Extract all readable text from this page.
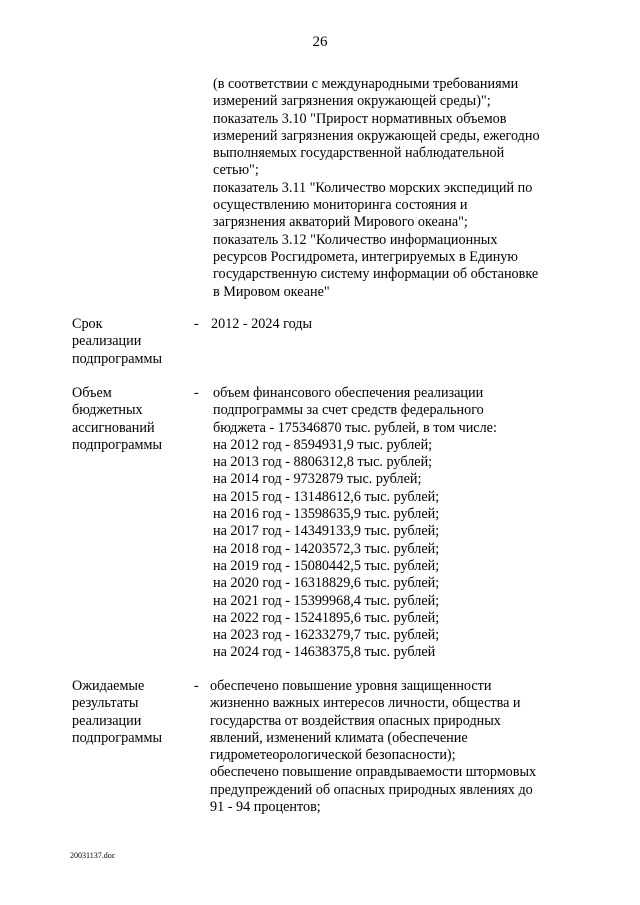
26
(в соответствии с международными требованиями
измерений загрязнения окружающей среды)";
показатель 3.10 "Прирост нормативных объемов
измерений загрязнения окружающей среды, ежегодно
выполняемых государственной наблюдательной
сетью";
показатель 3.11 "Количество морских экспедиций по
осуществлению мониторинга состояния и
загрязнения акваторий Мирового океана";
показатель 3.12 "Количество информационных
ресурсов Росгидромета, интегрируемых в Единую
государственную систему информации об обстановке
в Мировом океане"
Срок
реализации
подпрограммы
- 2012 - 2024 годы
Объем
бюджетных
ассигнований
подпрограммы
- объем финансового обеспечения реализации
подпрограммы за счет средств федерального
бюджета - 175346870 тыс. рублей, в том числе:
на 2012 год - 8594931,9 тыс. рублей;
на 2013 год - 8806312,8 тыс. рублей;
на 2014 год - 9732879 тыс. рублей;
на 2015 год - 13148612,6 тыс. рублей;
на 2016 год - 13598635,9 тыс. рублей;
на 2017 год - 14349133,9 тыс. рублей;
на 2018 год - 14203572,3 тыс. рублей;
на 2019 год - 15080442,5 тыс. рублей;
на 2020 год - 16318829,6 тыс. рублей;
на 2021 год - 15399968,4 тыс. рублей;
на 2022 год - 15241895,6 тыс. рублей;
на 2023 год - 16233279,7 тыс. рублей;
на 2024 год - 14638375,8 тыс. рублей
Ожидаемые
результаты
реализации
подпрограммы
- обеспечено повышение уровня защищенности
жизненно важных интересов личности, общества и
государства от воздействия опасных природных
явлений, изменений климата (обеспечение
гидрометеорологической безопасности);
обеспечено повышение оправдываемости штормовых
предупреждений об опасных природных явлениях до
91 - 94 процентов;
20031137.doc
